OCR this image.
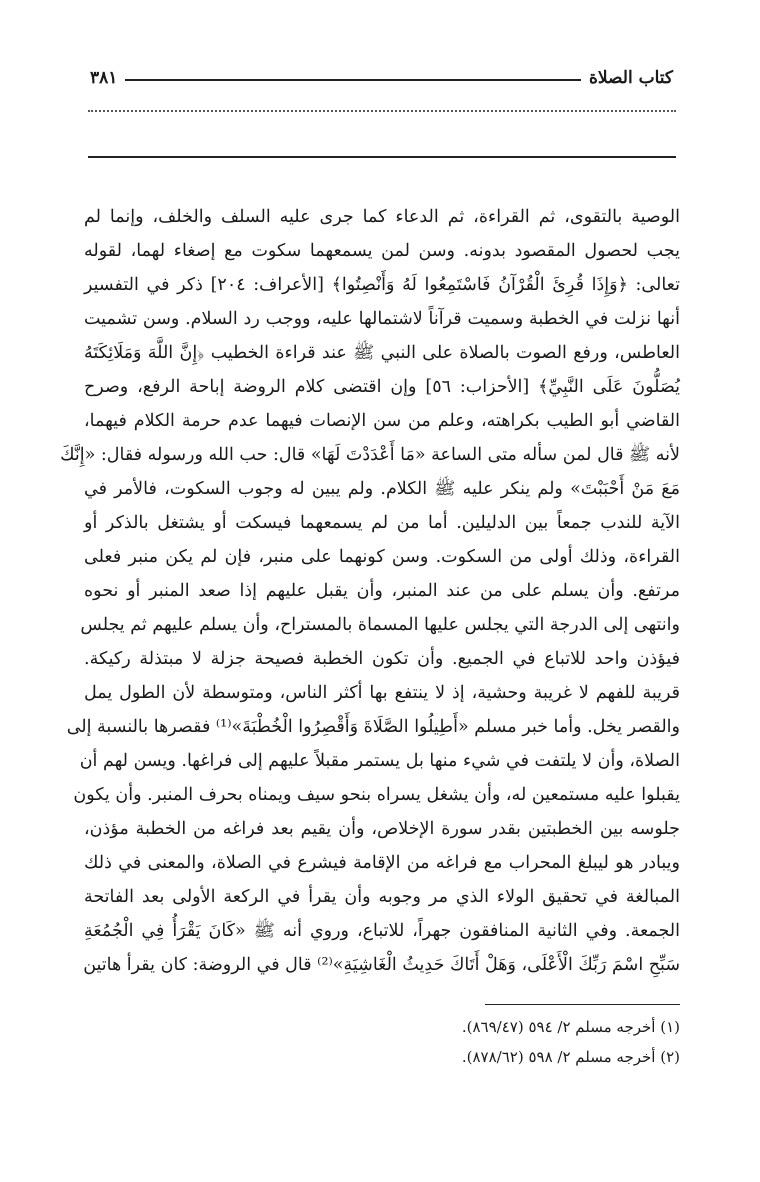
كتاب الصلاة
٣٨١
الوصية بالتقوى، ثم القراءة، ثم الدعاء كما جرى عليه السلف والخلف، وإنما لم
يجب لحصول المقصود بدونه. وسن لمن يسمعهما سكوت مع إصغاء لهما، لقوله
تعالى: ﴿وَإِذَا قُرِئَ الْقُرْآنُ فَاسْتَمِعُوا لَهُ وَأَنْصِتُوا﴾ [الأعراف: ٢٠٤] ذكر في التفسير
أنها نزلت في الخطبة وسميت قرآناً لاشتمالها عليه، ووجب رد السلام. وسن تشميت
العاطس، ورفع الصوت بالصلاة على النبي ﷺ عند قراءة الخطيب ﴿إِنَّ اللَّهَ وَمَلَائِكَتَهُ
يُصَلُّونَ عَلَى النَّبِيِّ﴾ [الأحزاب: ٥٦] وإن اقتضى كلام الروضة إباحة الرفع، وصرح
القاضي أبو الطيب بكراهته، وعلم من سن الإنصات فيهما عدم حرمة الكلام فيهما،
لأنه ﷺ قال لمن سأله متى الساعة «مَا أَعْدَدْتَ لَهَا» قال: حب الله ورسوله فقال: «إِنَّكَ
مَعَ مَنْ أَحْبَبْتَ» ولم ينكر عليه ﷺ الكلام. ولم يبين له وجوب السكوت، فالأمر في
الآية للندب جمعاً بين الدليلين. أما من لم يسمعهما فيسكت أو يشتغل بالذكر أو
القراءة، وذلك أولى من السكوت. وسن كونهما على منبر، فإن لم يكن منبر فعلى
مرتفع. وأن يسلم على من عند المنبر، وأن يقبل عليهم إذا صعد المنبر أو نحوه
وانتهى إلى الدرجة التي يجلس عليها المسماة بالمستراح، وأن يسلم عليهم ثم يجلس
فيؤذن واحد للاتباع في الجميع. وأن تكون الخطبة فصيحة جزلة لا مبتذلة ركيكة.
قريبة للفهم لا غريبة وحشية، إذ لا ينتفع بها أكثر الناس، ومتوسطة لأن الطول يمل
والقصر يخل. وأما خبر مسلم «أَطِيلُوا الصَّلَاةَ وَأَقْصِرُوا الْخُطْبَةَ»⁽¹⁾ فقصرها بالنسبة إلى
الصلاة، وأن لا يلتفت في شيء منها بل يستمر مقبلاً عليهم إلى فراغها. ويسن لهم أن
يقبلوا عليه مستمعين له، وأن يشغل يسراه بنحو سيف ويمناه بحرف المنبر. وأن يكون
جلوسه بين الخطبتين بقدر سورة الإخلاص، وأن يقيم بعد فراغه من الخطبة مؤذن،
ويبادر هو ليبلغ المحراب مع فراغه من الإقامة فيشرع في الصلاة، والمعنى في ذلك
المبالغة في تحقيق الولاء الذي مر وجوبه وأن يقرأ في الركعة الأولى بعد الفاتحة
الجمعة. وفي الثانية المنافقون جهراً، للاتباع، وروي أنه ﷺ «كَانَ يَقْرَأُ فِي الْجُمُعَةِ
سَبِّحِ اسْمَ رَبِّكَ الْأَعْلَى، وَهَلْ أَتَاكَ حَدِيثُ الْغَاشِيَةِ»⁽²⁾ قال في الروضة: كان يقرأ هاتين
(١) أخرجه مسلم ٢/ ٥٩٤ (٨٦٩/٤٧).
(٢) أخرجه مسلم ٢/ ٥٩٨ (٨٧٨/٦٢).
